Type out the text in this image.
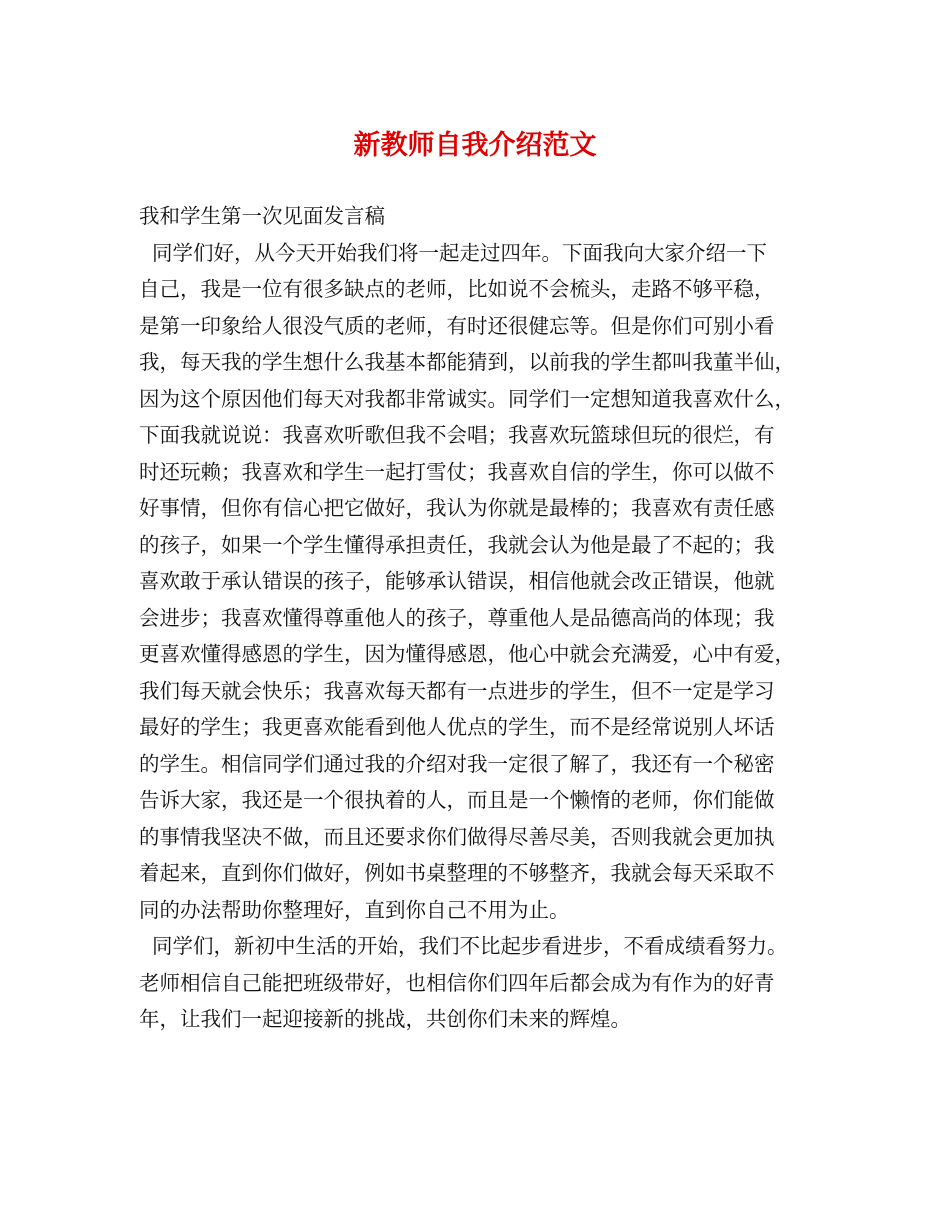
新教师自我介绍范文
我和学生第一次见面发言稿
同学们好，从今天开始我们将一起走过四年。下面我向大家介绍一下
自己，我是一位有很多缺点的老师，比如说不会梳头，走路不够平稳，
是第一印象给人很没气质的老师，有时还很健忘等。但是你们可别小看
我，每天我的学生想什么我基本都能猜到，以前我的学生都叫我董半仙，
因为这个原因他们每天对我都非常诚实。同学们一定想知道我喜欢什么，
下面我就说说：我喜欢听歌但我不会唱；我喜欢玩篮球但玩的很烂，有
时还玩赖；我喜欢和学生一起打雪仗；我喜欢自信的学生，你可以做不
好事情，但你有信心把它做好，我认为你就是最棒的；我喜欢有责任感
的孩子，如果一个学生懂得承担责任，我就会认为他是最了不起的；我
喜欢敢于承认错误的孩子，能够承认错误，相信他就会改正错误，他就
会进步；我喜欢懂得尊重他人的孩子，尊重他人是品德高尚的体现；我
更喜欢懂得感恩的学生，因为懂得感恩，他心中就会充满爱，心中有爱，
我们每天就会快乐；我喜欢每天都有一点进步的学生，但不一定是学习
最好的学生；我更喜欢能看到他人优点的学生，而不是经常说别人坏话
的学生。相信同学们通过我的介绍对我一定很了解了，我还有一个秘密
告诉大家，我还是一个很执着的人，而且是一个懒惰的老师，你们能做
的事情我坚决不做，而且还要求你们做得尽善尽美，否则我就会更加执
着起来，直到你们做好，例如书桌整理的不够整齐，我就会每天采取不
同的办法帮助你整理好，直到你自己不用为止。
同学们，新初中生活的开始，我们不比起步看进步，不看成绩看努力。
老师相信自己能把班级带好，也相信你们四年后都会成为有作为的好青
年，让我们一起迎接新的挑战，共创你们未来的辉煌。
